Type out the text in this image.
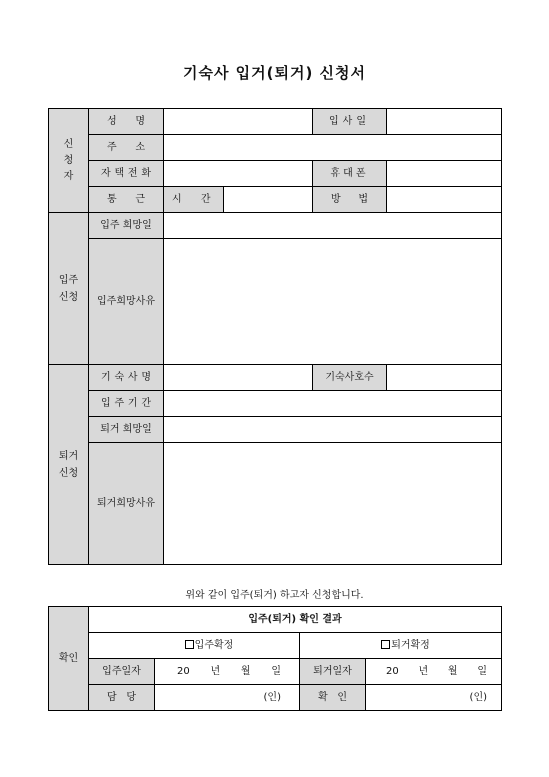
기숙사 입거(퇴거) 신청서
신
청
자	성 명			입사일	

	주 소				

	자 택 전 화			휴대폰	

	통 근	시 간		방 법	

입주
신청	입주 희망일				
	입주희망사유				
퇴거
신청	기 숙 사 명			기숙사호수	

	입 주 기 간				

	퇴거 희망일				
	퇴거희망사유				
위와 같이 입주(퇴거) 하고자 신청합니다.
확인	입주(퇴거) 확인 결과			
	입주확정		퇴거확정	
	입주일자	20 년 월 일	퇴거일자	20 년 월 일

	담 당	(인)	확 인	(인)
